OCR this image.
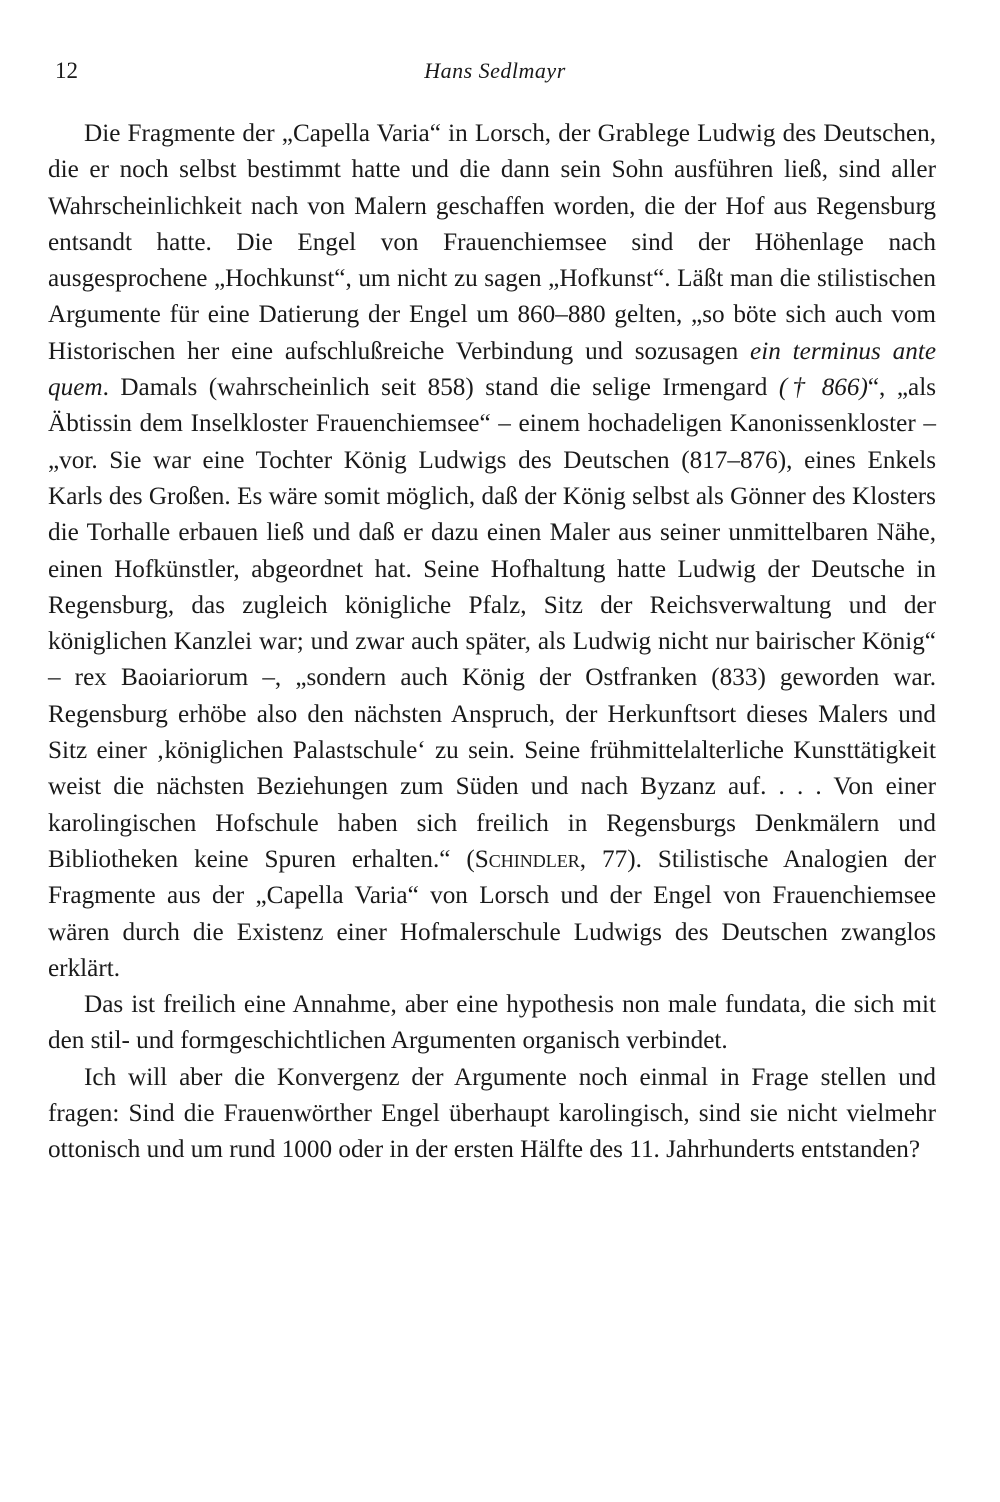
12	Hans Sedlmayr

Die Fragmente der „Capella Varia“ in Lorsch, der Grablege Ludwig des Deutschen, die er noch selbst bestimmt hatte und die dann sein Sohn ausführen ließ, sind aller Wahrscheinlichkeit nach von Malern geschaffen worden, die der Hof aus Regensburg entsandt hatte. Die Engel von Frauenchiemsee sind der Höhenlage nach ausgesprochene „Hochkunst“, um nicht zu sagen „Hofkunst“. Läßt man die stilistischen Argumente für eine Datierung der Engel um 860–880 gelten, „so böte sich auch vom Historischen her eine aufschlußreiche Verbindung und sozusagen ein terminus ante quem. Damals (wahrscheinlich seit 858) stand die selige Irmengard († 866)“, „als Äbtissin dem Inselkloster Frauenchiemsee“ – einem hochadeligen Kanonissenkloster – „vor. Sie war eine Tochter König Ludwigs des Deutschen (817–876), eines Enkels Karls des Großen. Es wäre somit möglich, daß der König selbst als Gönner des Klosters die Torhalle erbauen ließ und daß er dazu einen Maler aus seiner unmittelbaren Nähe, einen Hofkünstler, abgeordnet hat. Seine Hofhaltung hatte Ludwig der Deutsche in Regensburg, das zugleich königliche Pfalz, Sitz der Reichsverwaltung und der königlichen Kanzlei war; und zwar auch später, als Ludwig nicht nur bairischer König“ – rex Baoiariorum –, „sondern auch König der Ostfranken (833) geworden war. Regensburg erhöbe also den nächsten Anspruch, der Herkunftsort dieses Malers und Sitz einer ‚königlichen Palastschule‘ zu sein. Seine frühmittelalterliche Kunsttätigkeit weist die nächsten Beziehungen zum Süden und nach Byzanz auf. . . . Von einer karolingischen Hofschule haben sich freilich in Regensburgs Denkmälern und Bibliotheken keine Spuren erhalten.“ (Schindler, 77). Stilistische Analogien der Fragmente aus der „Capella Varia“ von Lorsch und der Engel von Frauenchiemsee wären durch die Existenz einer Hofmalerschule Ludwigs des Deutschen zwanglos erklärt.

Das ist freilich eine Annahme, aber eine hypothesis non male fundata, die sich mit den stil- und formgeschichtlichen Argumenten organisch verbindet.

Ich will aber die Konvergenz der Argumente noch einmal in Frage stellen und fragen: Sind die Frauenwörther Engel überhaupt karolingisch, sind sie nicht vielmehr ottonisch und um rund 1000 oder in der ersten Hälfte des 11. Jahrhunderts entstanden?
